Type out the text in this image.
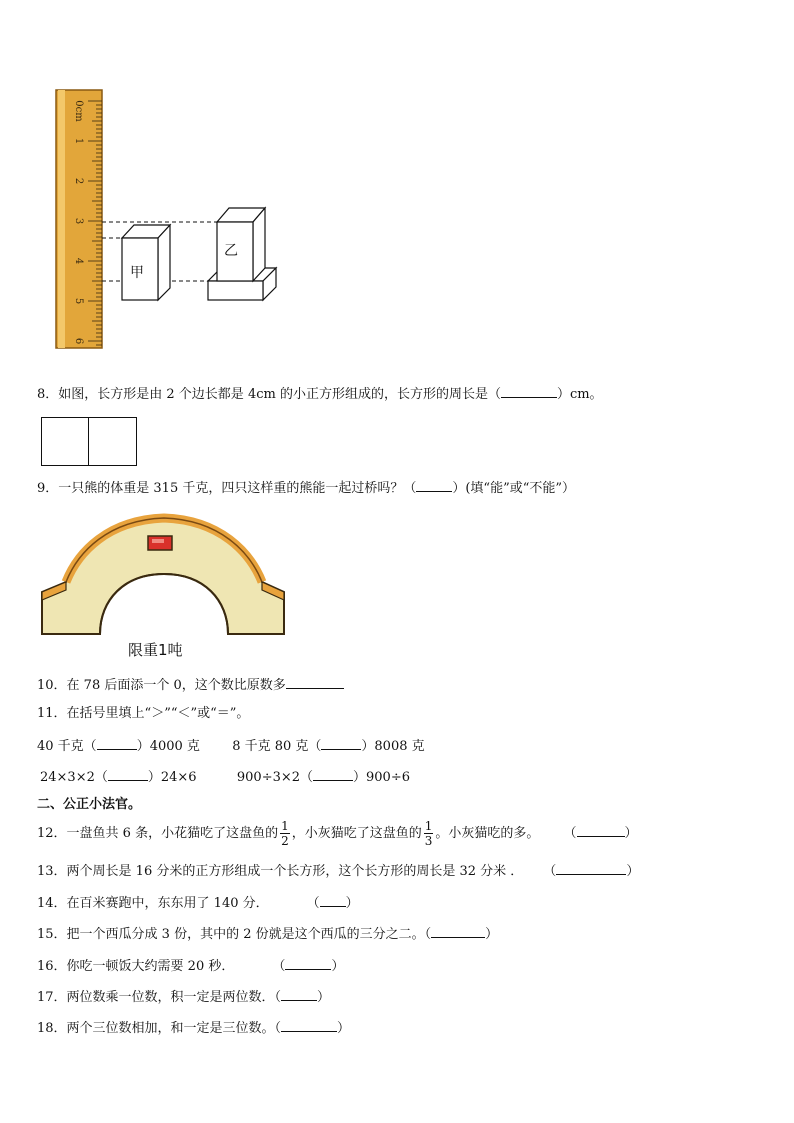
0cm
1
2
3
4
5
6
甲
乙
8．如图，长方形是由 2 个边长都是 4cm 的小正方形组成的，长方形的周长是（	）cm。
9．一只熊的体重是 315 千克，四只这样重的熊能一起过桥吗？（	）(填“能”或“不能”）
限重1吨
10．在 78 后面添一个 0，这个数比原数多
11．在括号里填上“＞”“＜”或“＝”。
40 千克（	）4000 克 8 千克 80 克（	）8008 克
24×3×2（	）24×6	900÷3×2（	）900÷6
二、公正小法官。
12．一盘鱼共 6 条，小花猫吃了这盘鱼的 $\frac{1}{2}$ ，小灰猫吃了这盘鱼的 $\frac{1}{3}$ 。小灰猫吃的多。 （	）
13．两个周长是 16 分米的正方形组成一个长方形，这个长方形的周长是 32 分米 ． （	）
14．在百米赛跑中，东东用了 140 分．	（ ）
15．把一个西瓜分成 3 份，其中的 2 份就是这个西瓜的三分之二。（	）
16．你吃一顿饭大约需要 20 秒．	（	）
17．两位数乘一位数，积一定是两位数．（	）
18．两个三位数相加，和一定是三位数。（	）
